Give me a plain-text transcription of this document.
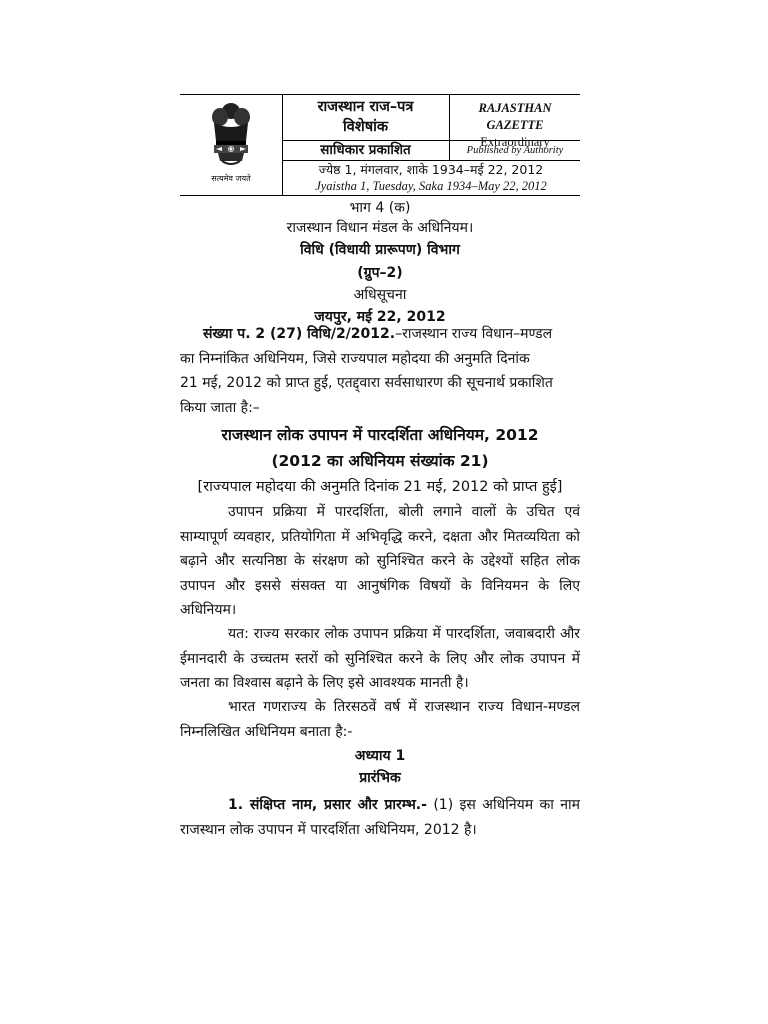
सत्यमेव जयते
राजस्थान राज–पत्र
विशेषांक
RAJASTHAN GAZETTE
Extraordinary
साधिकार प्रकाशित	Published by Authority
ज्येष्ठ 1, मंगलवार, शाके 1934–मई 22, 2012
Jyaistha 1, Tuesday, Saka 1934–May 22, 2012
भाग 4 (क)
राजस्थान विधान मंडल के अधिनियम।
विधि (विधायी प्रारूपण) विभाग
(ग्रुप–2)
अधिसूचना
जयपुर, मई 22, 2012
संख्या प. 2 (27) विधि/2/2012.–राजस्थान राज्य विधान–मण्डल
का निम्नांकित अधिनियम, जिसे राज्यपाल महोदया की अनुमति दिनांक
21 मई, 2012 को प्राप्त हुई, एतद्द्वारा सर्वसाधारण की सूचनार्थ प्रकाशित
किया जाता है:–
राजस्थान लोक उपापन में पारदर्शिता अधिनियम, 2012
(2012 का अधिनियम संख्यांक 21)
[राज्यपाल महोदया की अनुमति दिनांक 21 मई, 2012 को प्राप्त हुई]
उपापन प्रक्रिया में पारदर्शिता, बोली लगाने वालों के उचित एवं साम्यापूर्ण व्यवहार, प्रतियोगिता में अभिवृद्धि करने, दक्षता और मितव्ययिता को बढ़ाने और सत्यनिष्ठा के संरक्षण को सुनिश्चित करने के उद्देश्यों सहित लोक उपापन और इससे संसक्त या आनुषंगिक विषयों के विनियमन के लिए अधिनियम।
यत: राज्य सरकार लोक उपापन प्रक्रिया में पारदर्शिता, जवाबदारी और ईमानदारी के उच्चतम स्तरों को सुनिश्चित करने के लिए और लोक उपापन में जनता का विश्वास बढ़ाने के लिए इसे आवश्यक मानती है।
भारत गणराज्य के तिरसठवें वर्ष में राजस्थान राज्य विधान-मण्डल निम्नलिखित अधिनियम बनाता है:-
अध्याय 1
प्रारंभिक
1. संक्षिप्त नाम, प्रसार और प्रारम्भ.- (1) इस अधिनियम का नाम राजस्थान लोक उपापन में पारदर्शिता अधिनियम, 2012 है।
